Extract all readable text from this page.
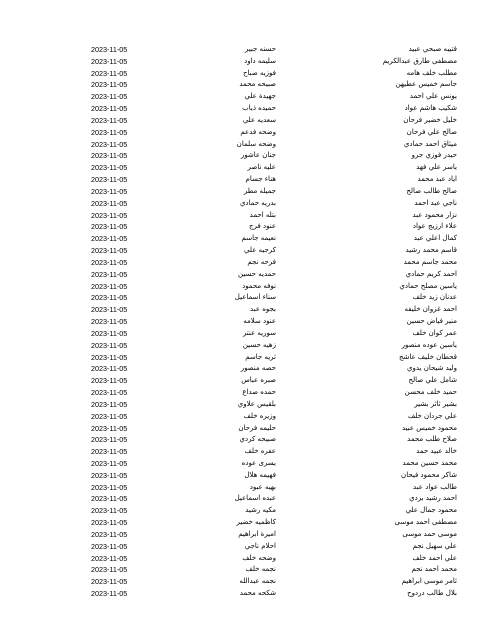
قتيبه صبحي عبيد
حسنه جبير
2023-11-05
مصطفى طارق عبدالكريم
سليمه داود
2023-11-05
مطلب خلف هامه
فوزيه صباح
2023-11-05
جاسم خميس عطيهن
صبيحه محمد
2023-11-05
يونس علي احمد
جهيدة علي
2023-11-05
شكيب هاشم عواد
حميده ذياب
2023-11-05
خليل خضير فرحان
سعديه علي
2023-11-05
صالح علي فرحان
وضحه فدعم
2023-11-05
ميثاق احمد حمادي
وضحه سلمان
2023-11-05
حيدر فوزي جرو
جنان عاشور
2023-11-05
ياسر علي فهد
عليه ناصر
2023-11-05
اياد عبد محمد
هناء جسام
2023-11-05
صالح طالب صالح
جميله مطر
2023-11-05
ناجي عبد احمد
بدريه حمادي
2023-11-05
نزار محمود عبد
بتله احمد
2023-11-05
علاء ارزيج عواد
عنود فرج
2023-11-05
كمال اعلي عبد
نعيمه جاسم
2023-11-05
قاسم محمد رشيد
كرجيه علي
2023-11-05
محمد جاسم محمد
فرحه نجم
2023-11-05
احمد كريم حمادي
حمديه حسين
2023-11-05
ياسين مصلح حمادي
نوفه محمود
2023-11-05
عدنان زيد خلف
سناء اسماعيل
2023-11-05
احمد غزوان خليفه
بجوه عبد
2023-11-05
منير فياض حسين
عنود سلامه
2023-11-05
عمر كوان خلف
سوريه عنتر
2023-11-05
ياسين عوده منصور
زهيه حسين
2023-11-05
قحطان خليف عاشج
ثريه جاسم
2023-11-05
وليد شيحان يدوي
حصه منصور
2023-11-05
شامل علي صالح
صبره عباس
2023-11-05
حميد خلف محسن
حمده صداع
2023-11-05
بشير ثاثر بشير
بلقيس علاوي
2023-11-05
علي جردان خلف
وزيره خلف
2023-11-05
محمود خميس عبيد
حليمه فرحان
2023-11-05
صلاح طلب محمد
صبيحه كردي
2023-11-05
خالد عبيد حمد
عفره خلف
2023-11-05
محمد حسين محمد
يسرى عوده
2023-11-05
شاكر محمود فيحان
فهيمه هلال
2023-11-05
طالب عواد عبد
بهيه عبود
2023-11-05
احمد رشيد بردي
عبده اسماعيل
2023-11-05
محمود جمال علي
مكيه رشيد
2023-11-05
مصطفى احمد موسى
كاظميه خضير
2023-11-05
موسى حمد موسى
اميرة ابراهيم
2023-11-05
علي سهيل نجم
احلام ناجي
2023-11-05
علي احمد خلف
وضحه خلف
2023-11-05
محمد احمد نجم
نجمه خلف
2023-11-05
ثامر موسى ابراهيم
نجمه عبدالله
2023-11-05
بلال طالب دردوح
شكحه محمد
2023-11-05
